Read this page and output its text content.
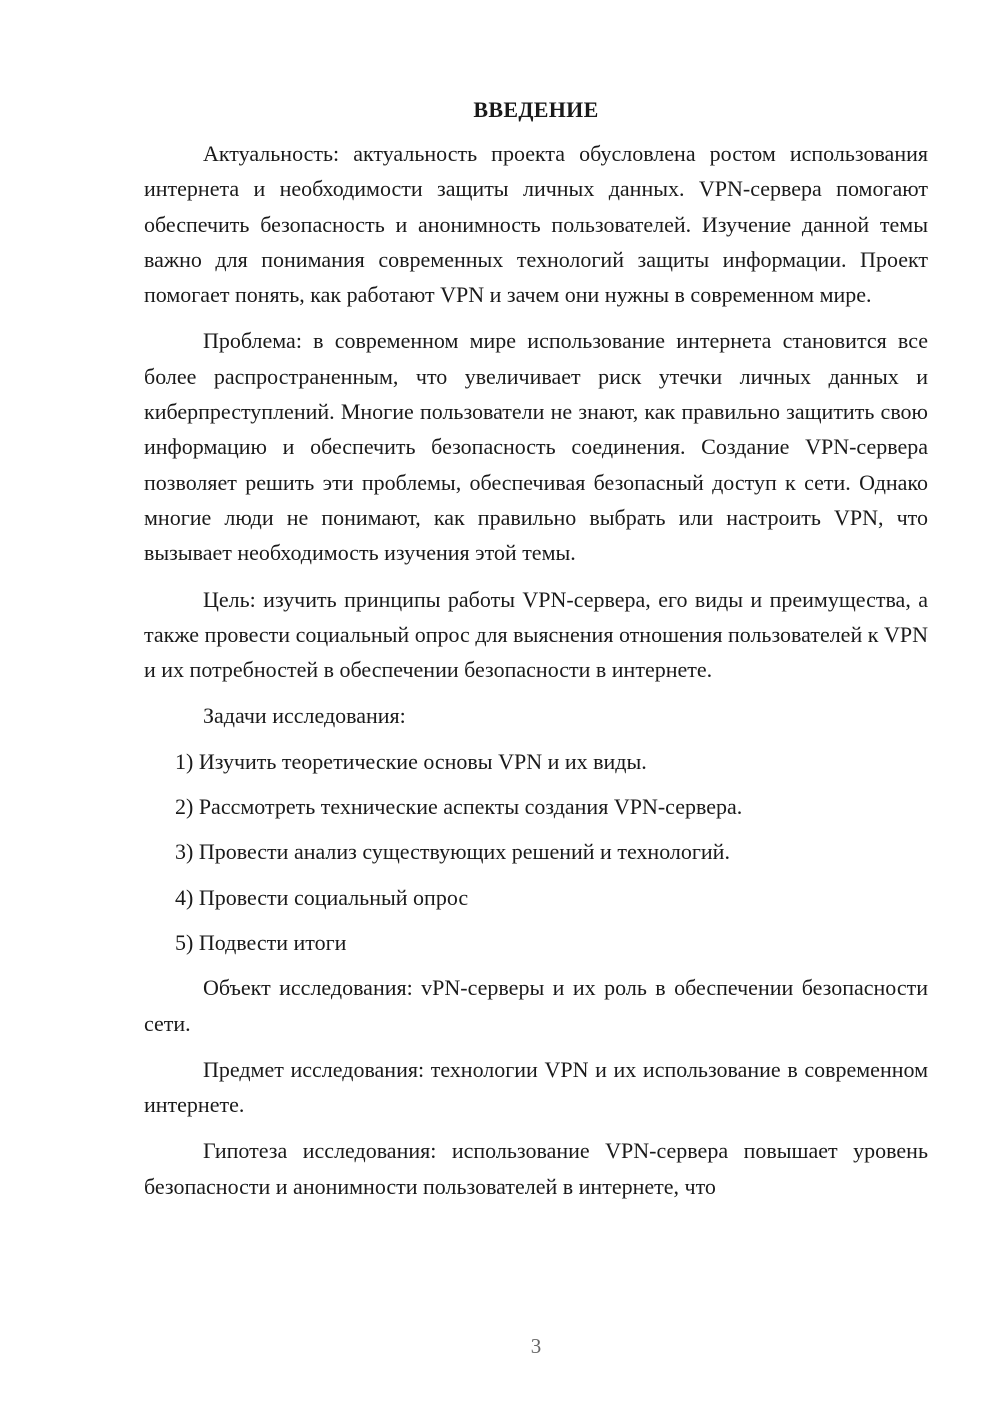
ВВЕДЕНИЕ

Актуальность: актуальность проекта обусловлена ростом использования интернета и необходимости защиты личных данных. VPN-сервера помогают обеспечить безопасность и анонимность пользователей. Изучение данной темы важно для понимания современных технологий защиты информации. Проект помогает понять, как работают VPN и зачем они нужны в современном мире.

Проблема: в современном мире использование интернета становится все более распространенным, что увеличивает риск утечки личных данных и киберпреступлений. Многие пользователи не знают, как правильно защитить свою информацию и обеспечить безопасность соединения. Создание VPN-сервера позволяет решить эти проблемы, обеспечивая безопасный доступ к сети. Однако многие люди не понимают, как правильно выбрать или настроить VPN, что вызывает необходимость изучения этой темы.

Цель: изучить принципы работы VPN-сервера, его виды и преимущества, а также провести социальный опрос для выяснения отношения пользователей к VPN и их потребностей в обеспечении безопасности в интернете.

Задачи исследования:

1) Изучить теоретические основы VPN и их виды.

2) Рассмотреть технические аспекты создания VPN-сервера.

3) Провести анализ существующих решений и технологий.

4) Провести социальный опрос

5) Подвести итоги

Объект исследования: vPN-серверы и их роль в обеспечении безопасности сети.

Предмет исследования: технологии VPN и их использование в современном интернете.

Гипотеза исследования: использование VPN-сервера повышает уровень безопасности и анонимности пользователей в интернете, что

3
